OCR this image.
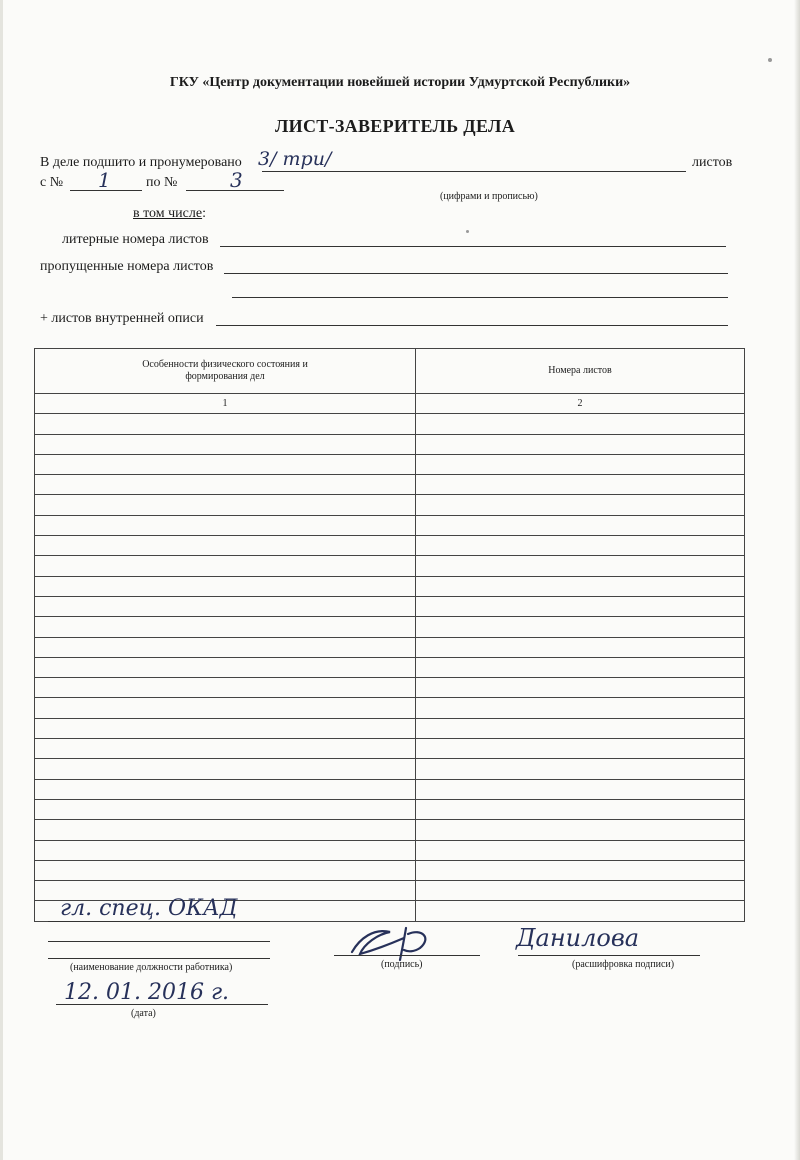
ГКУ «Центр документации новейшей истории Удмуртской Республики»
ЛИСТ-ЗАВЕРИТЕЛЬ ДЕЛА
В деле подшито и пронумеровано 3/ три/	листов
с № 1	по №	3
(цифрами и прописью)
в том числе:
литерные номера листов
пропущенные номера листов
+ листов внутренней описи
Особенности физического состояния и формирования дел	Номера листов
1	2

гл. спец. ОКАД
(наименование должности работника)	(подпись)
Данилова
(расшифровка подписи)
12. 01. 2016 г.
(дата)
